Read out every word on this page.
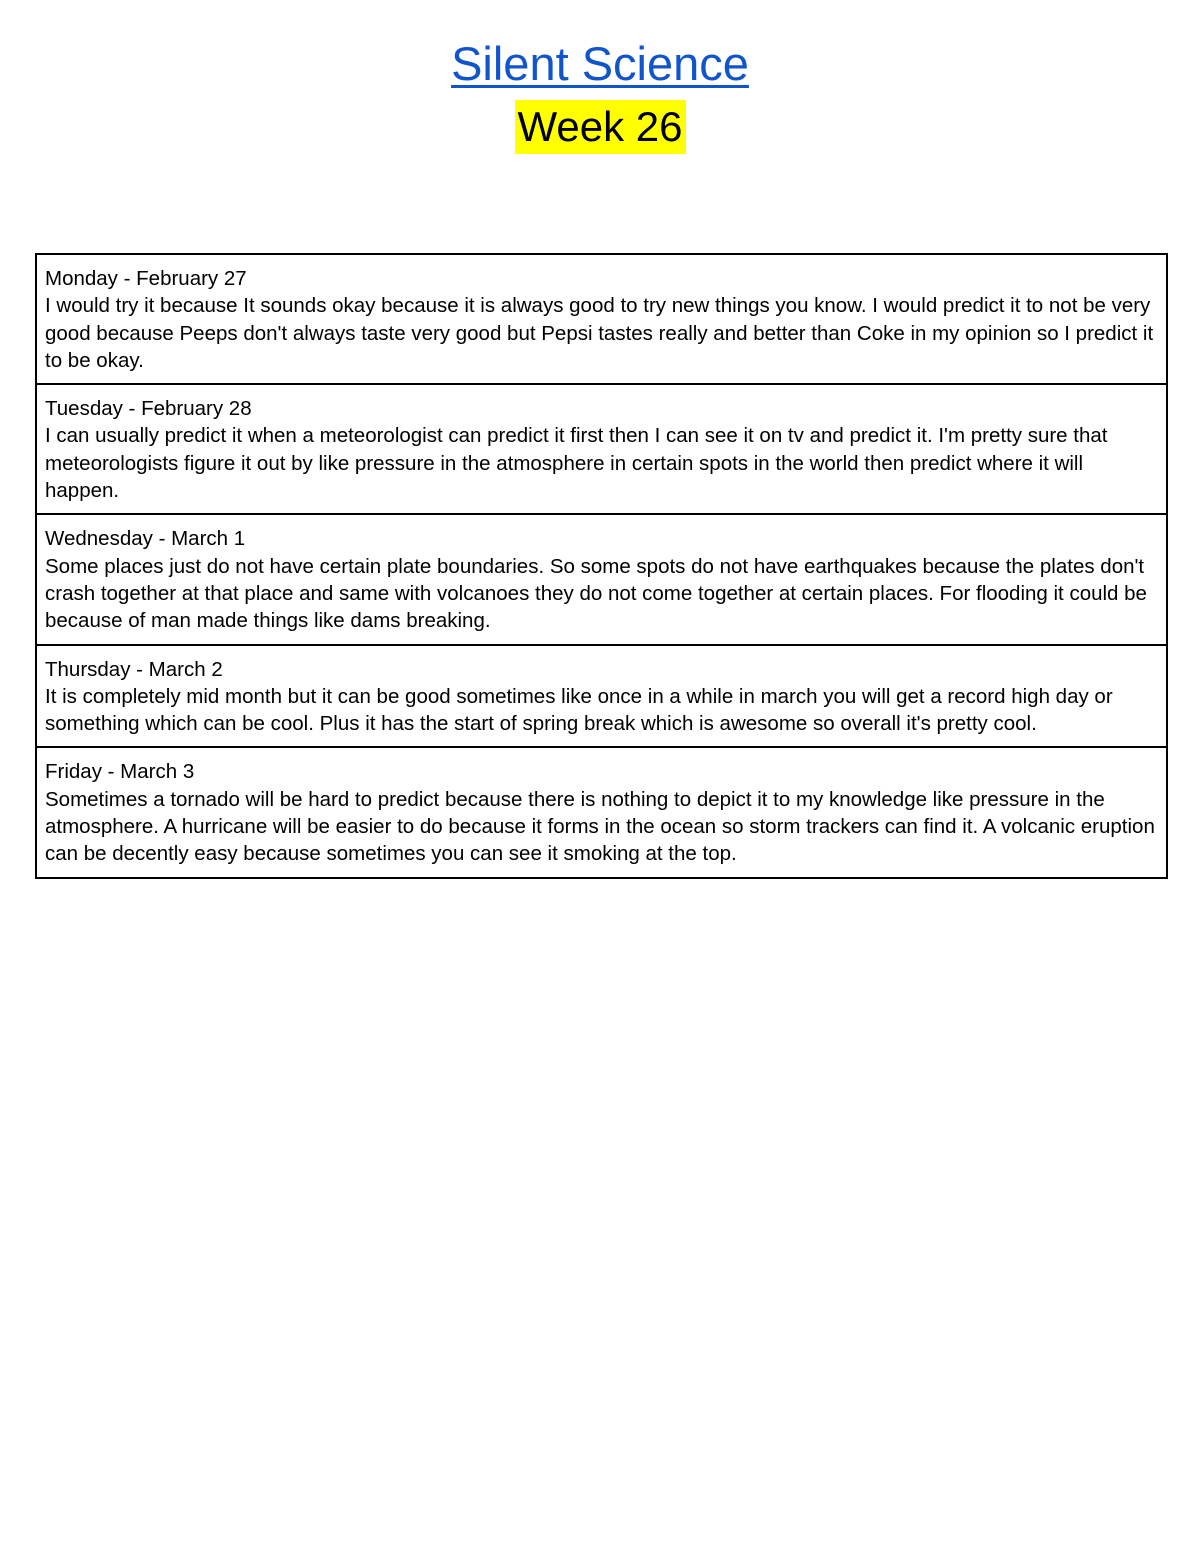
Silent Science
Week 26
Monday - February 27
I would try it because It sounds okay because it is always good to try new things you know. I would predict it to not be very good because Peeps don't always taste very good but Pepsi tastes really and better than Coke in my opinion so I predict it to be okay.

Tuesday - February 28
I can usually predict it when a meteorologist can predict it first then I can see it on tv and predict it. I'm pretty sure that meteorologists figure it out by like pressure in the atmosphere in certain spots in the world then predict where it will happen.

Wednesday - March 1
Some places just do not have certain plate boundaries. So some spots do not have earthquakes because the plates don't crash together at that place and same with volcanoes they do not come together at certain places. For flooding it could be because of man made things like dams breaking.

Thursday - March 2
It is completely mid month but it can be good sometimes like once in a while in march you will get a record high day or something which can be cool. Plus it has the start of spring break which is awesome so overall it's pretty cool.

Friday - March 3
Sometimes a tornado will be hard to predict because there is nothing to depict it to my knowledge like pressure in the atmosphere. A hurricane will be easier to do because it forms in the ocean so storm trackers can find it. A volcanic eruption can be decently easy because sometimes you can see it smoking at the top.
